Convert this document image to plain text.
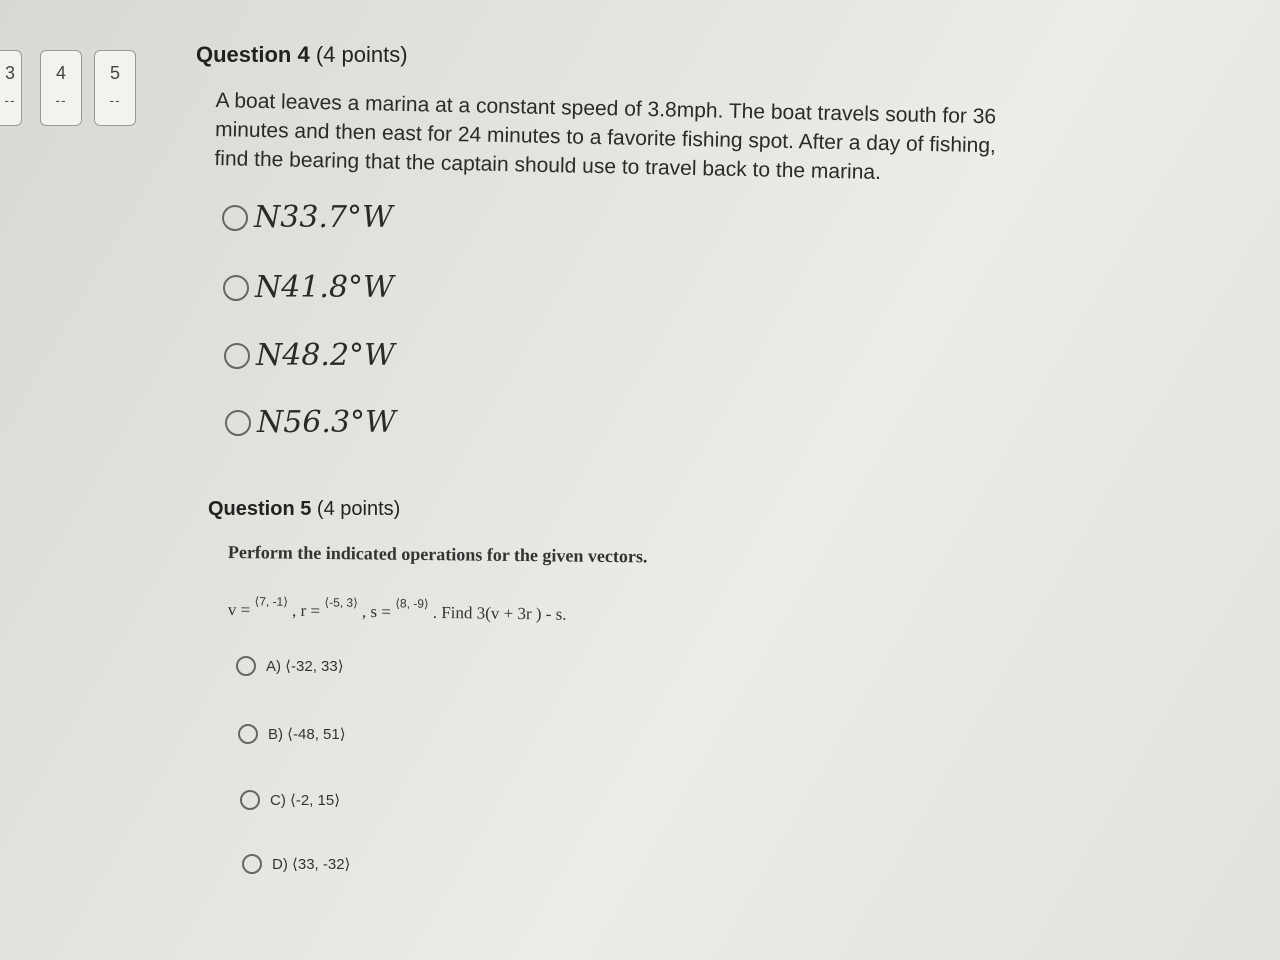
3
--
4
--
5
--
Question 4 (4 points)
A boat leaves a marina at a constant speed of 3.8mph. The boat travels south for 36
minutes and then east for 24 minutes to a favorite fishing spot. After a day of fishing,
find the bearing that the captain should use to travel back to the marina.
N33.7°W
N41.8°W
N48.2°W
N56.3°W
Question 5 (4 points)
Perform the indicated operations for the given vectors.
v = $^{⟨7, -1⟩}$ , r = $^{⟨-5, 3⟩}$ , s = $^{⟨8, -9⟩}$ . Find 3(v + 3r ) - s.
A) ⟨-32, 33⟩
B) ⟨-48, 51⟩
C) ⟨-2, 15⟩
D) ⟨33, -32⟩
